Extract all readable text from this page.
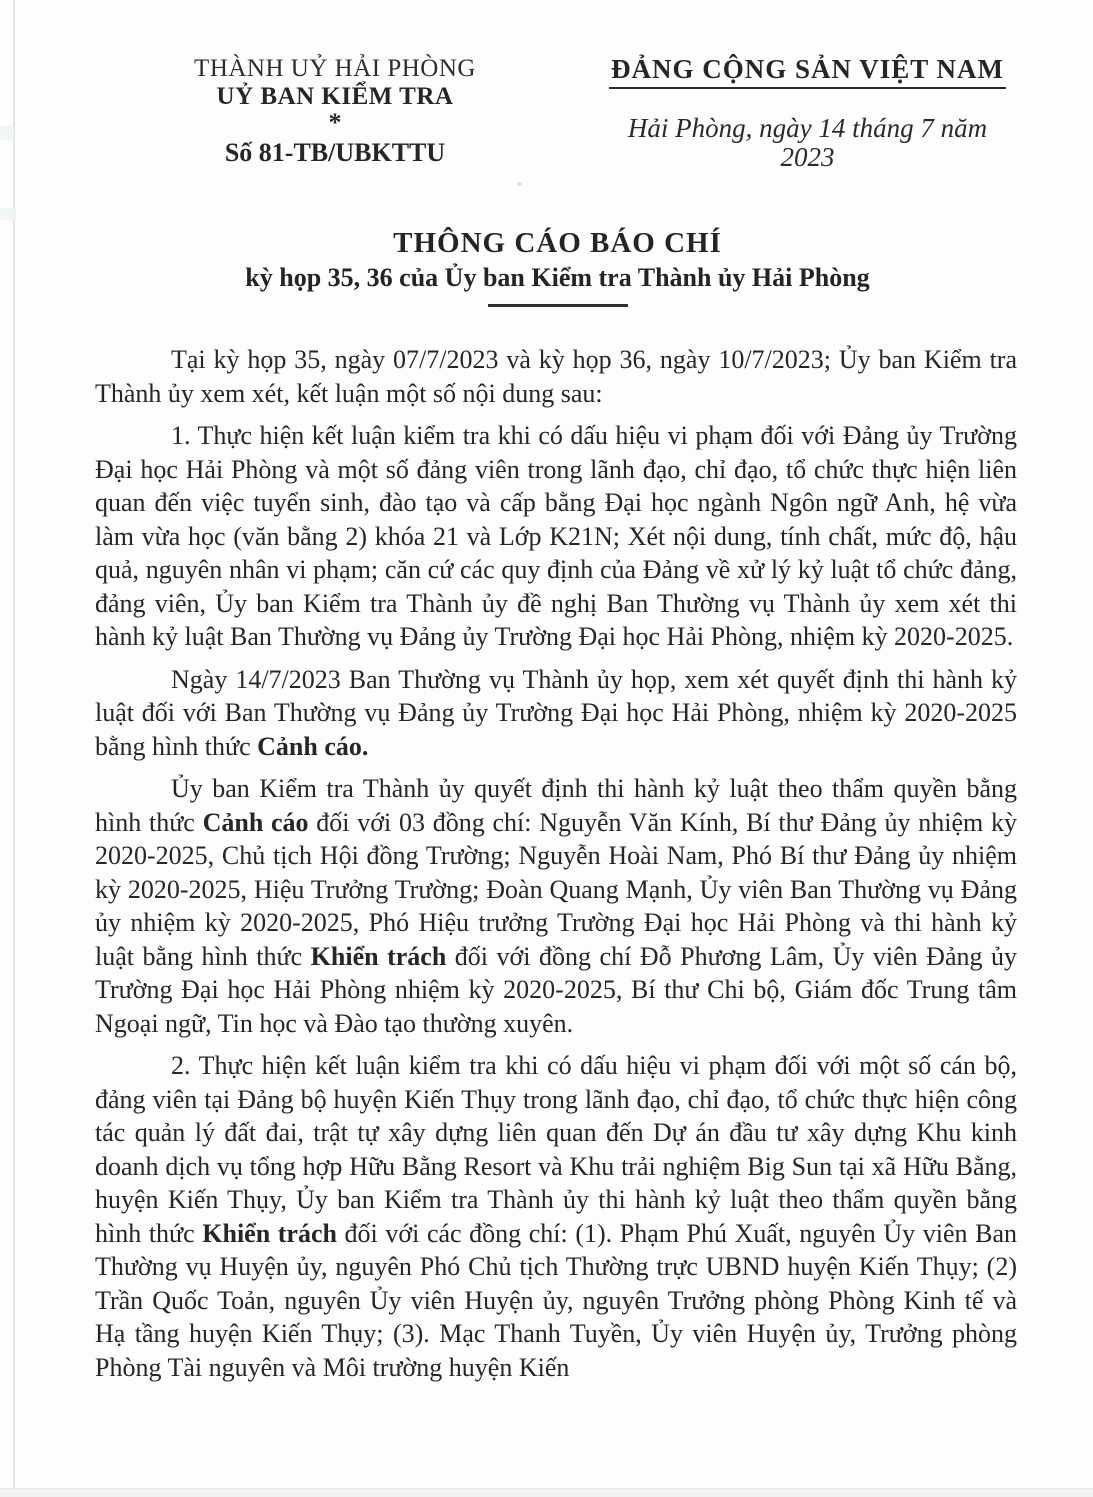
THÀNH UỶ HẢI PHÒNG
UỶ BAN KIỂM TRA
*
Số 81-TB/UBKTTU
ĐẢNG CỘNG SẢN VIỆT NAM
Hải Phòng, ngày 14 tháng 7 năm 2023
THÔNG CÁO BÁO CHÍ
kỳ họp 35, 36 của Ủy ban Kiểm tra Thành ủy Hải Phòng

Tại kỳ họp 35, ngày 07/7/2023 và kỳ họp 36, ngày 10/7/2023; Ủy ban Kiểm tra Thành ủy xem xét, kết luận một số nội dung sau:

1. Thực hiện kết luận kiểm tra khi có dấu hiệu vi phạm đối với Đảng ủy Trường Đại học Hải Phòng và một số đảng viên trong lãnh đạo, chỉ đạo, tổ chức thực hiện liên quan đến việc tuyển sinh, đào tạo và cấp bằng Đại học ngành Ngôn ngữ Anh, hệ vừa làm vừa học (văn bằng 2) khóa 21 và Lớp K21N; Xét nội dung, tính chất, mức độ, hậu quả, nguyên nhân vi phạm; căn cứ các quy định của Đảng về xử lý kỷ luật tổ chức đảng, đảng viên, Ủy ban Kiểm tra Thành ủy đề nghị Ban Thường vụ Thành ủy xem xét thi hành kỷ luật Ban Thường vụ Đảng ủy Trường Đại học Hải Phòng, nhiệm kỳ 2020-2025.

Ngày 14/7/2023 Ban Thường vụ Thành ủy họp, xem xét quyết định thi hành kỷ luật đối với Ban Thường vụ Đảng ủy Trường Đại học Hải Phòng, nhiệm kỳ 2020-2025 bằng hình thức Cảnh cáo.

Ủy ban Kiểm tra Thành ủy quyết định thi hành kỷ luật theo thẩm quyền bằng hình thức Cảnh cáo đối với 03 đồng chí: Nguyễn Văn Kính, Bí thư Đảng ủy nhiệm kỳ 2020-2025, Chủ tịch Hội đồng Trường; Nguyễn Hoài Nam, Phó Bí thư Đảng ủy nhiệm kỳ 2020-2025, Hiệu Trưởng Trường; Đoàn Quang Mạnh, Ủy viên Ban Thường vụ Đảng ủy nhiệm kỳ 2020-2025, Phó Hiệu trưởng Trường Đại học Hải Phòng và thi hành kỷ luật bằng hình thức Khiển trách đối với đồng chí Đỗ Phương Lâm, Ủy viên Đảng ủy Trường Đại học Hải Phòng nhiệm kỳ 2020-2025, Bí thư Chi bộ, Giám đốc Trung tâm Ngoại ngữ, Tin học và Đào tạo thường xuyên.

2. Thực hiện kết luận kiểm tra khi có dấu hiệu vi phạm đối với một số cán bộ, đảng viên tại Đảng bộ huyện Kiến Thụy trong lãnh đạo, chỉ đạo, tổ chức thực hiện công tác quản lý đất đai, trật tự xây dựng liên quan đến Dự án đầu tư xây dựng Khu kinh doanh dịch vụ tổng hợp Hữu Bằng Resort và Khu trải nghiệm Big Sun tại xã Hữu Bằng, huyện Kiến Thụy, Ủy ban Kiểm tra Thành ủy thi hành kỷ luật theo thẩm quyền bằng hình thức Khiển trách đối với các đồng chí: (1). Phạm Phú Xuất, nguyên Ủy viên Ban Thường vụ Huyện ủy, nguyên Phó Chủ tịch Thường trực UBND huyện Kiến Thụy; (2) Trần Quốc Toản, nguyên Ủy viên Huyện ủy, nguyên Trưởng phòng Phòng Kinh tế và Hạ tầng huyện Kiến Thụy; (3). Mạc Thanh Tuyền, Ủy viên Huyện ủy, Trưởng phòng Phòng Tài nguyên và Môi trường huyện Kiến
